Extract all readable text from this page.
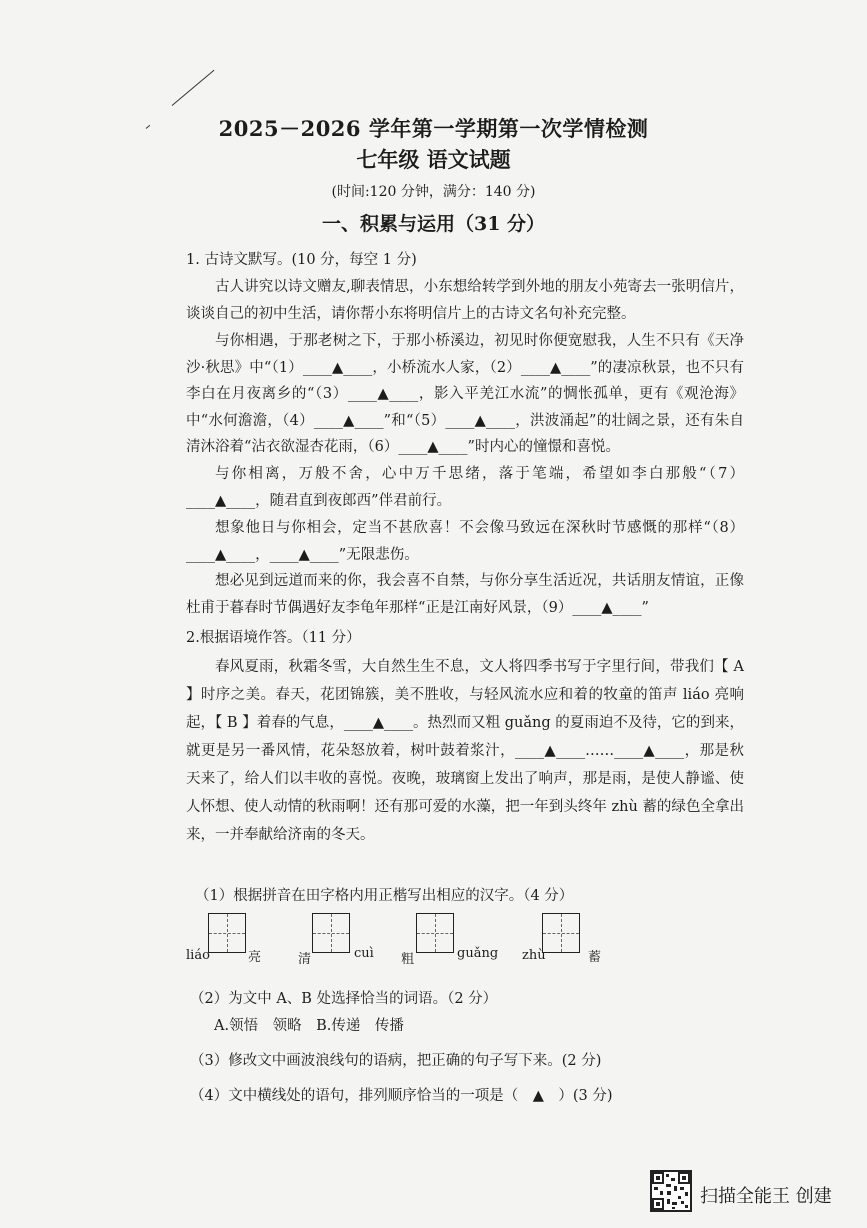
2025－2026 学年第一学期第一次学情检测
七年级 语文试题
(时间:120 分钟，满分：140 分)
一、积累与运用（31 分）
1. 古诗文默写。(10 分，每空 1 分)
古人讲究以诗文赠友,聊表情思，小东想给转学到外地的朋友小苑寄去一张明信片，谈谈自己的初中生活，请你帮小东将明信片上的古诗文名句补充完整。
与你相遇，于那老树之下，于那小桥溪边，初见时你便宽慰我，人生不只有《天净沙·秋思》中“（1）____▲____，小桥流水人家，（2）____▲____”的凄凉秋景，也不只有李白在月夜离乡的“（3）____▲____，影入平羌江水流”的惆怅孤单，更有《观沧海》中“水何澹澹，（4）____▲____”和“（5）____▲____，洪波涌起”的壮阔之景，还有朱自清沐浴着“沾衣欲湿杏花雨，（6）____▲____”时内心的憧憬和喜悦。
与你相离，万般不舍，心中万千思绪，落于笔端，希望如李白那般“（7）____▲____，随君直到夜郎西”伴君前行。
想象他日与你相会，定当不甚欣喜！不会像马致远在深秋时节感慨的那样“（8）____▲____，____▲____”无限悲伤。
想必见到远道而来的你，我会喜不自禁，与你分享生活近况，共话朋友情谊，正像杜甫于暮春时节偶遇好友李龟年那样“正是江南好风景，（9）____▲____”
2.根据语境作答。（11 分）
春风夏雨，秋霜冬雪，大自然生生不息，文人将四季书写于字里行间，带我们【 A 】时序之美。春天，花团锦簇，美不胜收，与轻风流水应和着的牧童的笛声 liáo 亮响起，【 B 】着春的气息，____▲____。热烈而又粗 guǎng 的夏雨迫不及待，它的到来，就更是另一番风情，花朵怒放着，树叶鼓着浆汁，____▲____……____▲____，那是秋天来了，给人们以丰收的喜悦。夜晚，玻璃窗上发出了响声，那是雨，是使人静谧、使人怀想、使人动情的秋雨啊！还有那可爱的水藻，把一年到头终年 zhù 蓄的绿色全拿出来，一并奉献给济南的冬天。
（1）根据拼音在田字格内用正楷写出相应的汉字。（4 分）
liáo	亮	清	cuì 粗	guǎng zhù	蓄
（2）为文中 A、B 处选择恰当的词语。（2 分）
A.领悟　领略　B.传递　传播
（3）修改文中画波浪线句的语病，把正确的句子写下来。(2 分)
（4）文中横线处的语句，排列顺序恰当的一项是（　▲　）(3 分)
扫描全能王 创建
